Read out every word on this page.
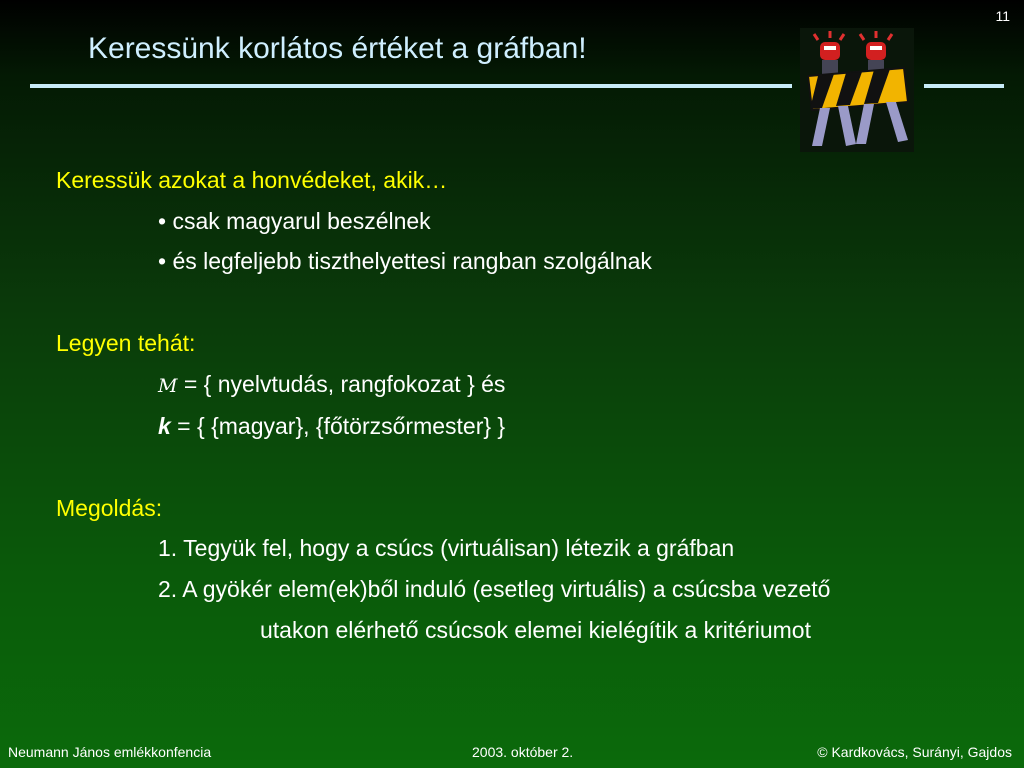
11
Keressünk korlátos értéket a gráfban!
Keressük azokat a honvédeket, akik…
• csak magyarul beszélnek
• és legfeljebb tiszthelyettesi rangban szolgálnak
Legyen tehát:
M = { nyelvtudás, rangfokozat } és
k = { {magyar}, {főtörzsőrmester} }
Megoldás:
1. Tegyük fel, hogy a csúcs (virtuálisan) létezik a gráfban
2. A gyökér elem(ek)ből induló (esetleg virtuális) a csúcsba vezető
utakon elérhető csúcsok elemei kielégítik a kritériumot
Neumann János emlékkonfencia	2003. október 2.	© Kardkovács, Surányi, Gajdos
